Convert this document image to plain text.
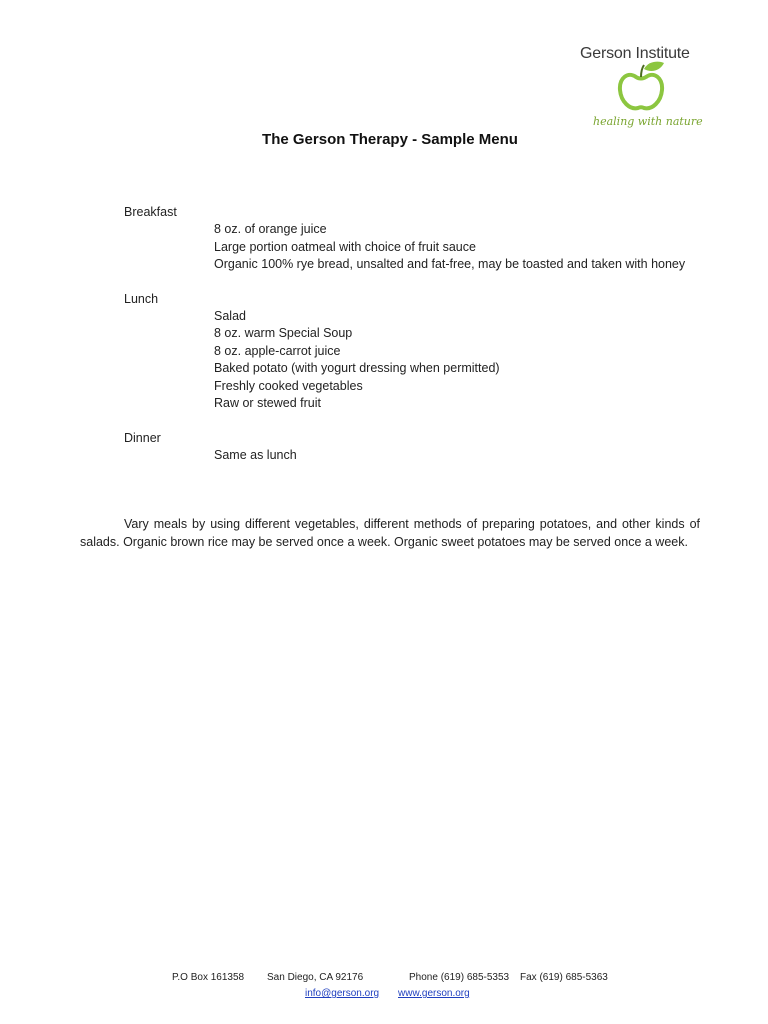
Gerson Institute
healing with nature
The Gerson Therapy - Sample Menu
Breakfast
8 oz. of orange juice
Large portion oatmeal with choice of fruit sauce
Organic 100% rye bread, unsalted and fat-free, may be toasted and taken with honey
Lunch
Salad
8 oz. warm Special Soup
8 oz. apple-carrot juice
Baked potato (with yogurt dressing when permitted)
Freshly cooked vegetables
Raw or stewed fruit
Dinner
Same as lunch
Vary meals by using different vegetables, different methods of preparing potatoes, and other kinds of salads. Organic brown rice may be served once a week. Organic sweet potatoes may be served once a week.
P.O Box 161358 San Diego, CA 92176	Phone (619) 685-5353 Fax (619) 685-5363
info@gerson.org www.gerson.org
